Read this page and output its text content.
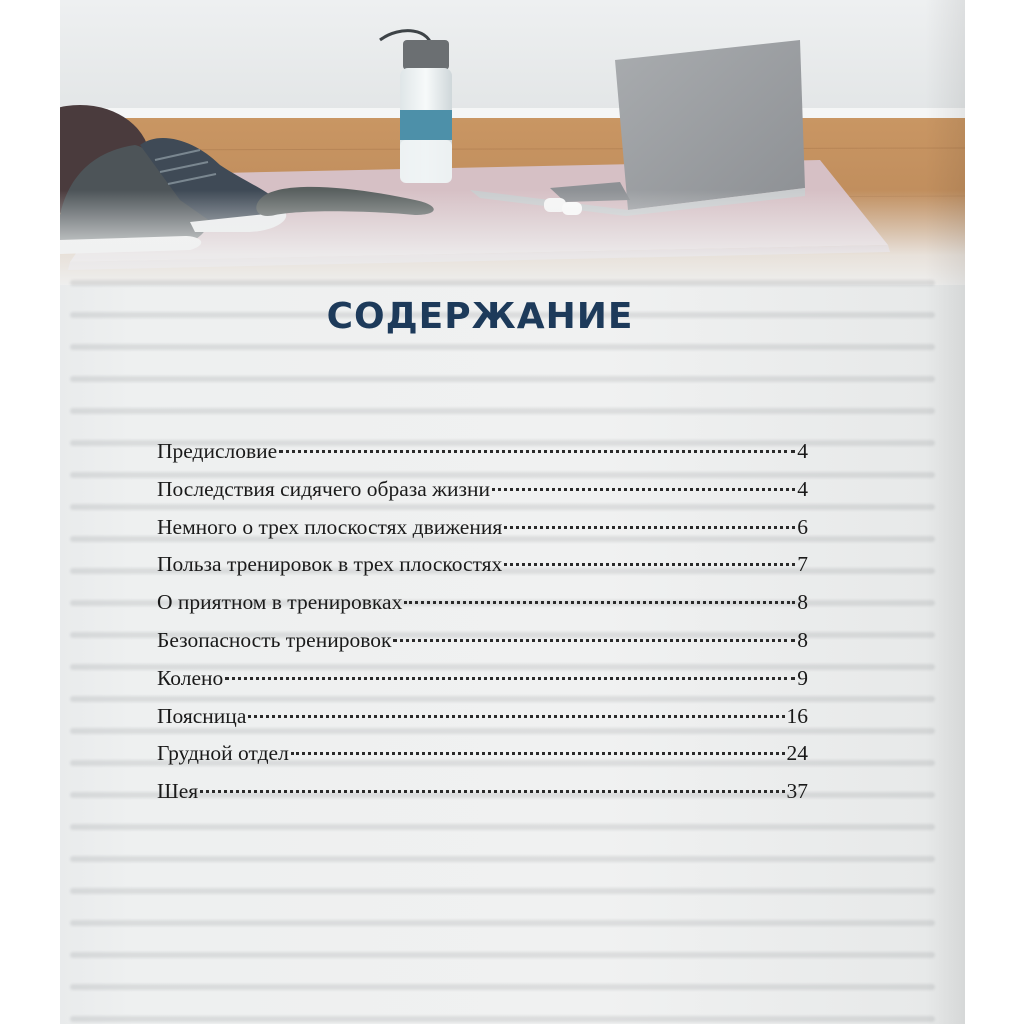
СОДЕРЖАНИЕ
Предисловие	4
Последствия сидячего образа жизни	4
Немного о трех плоскостях движения	6
Польза тренировок в трех плоскостях	7
О приятном в тренировках	8
Безопасность тренировок	8
Колено	9
Поясница	16
Грудной отдел	24
Шея	37
